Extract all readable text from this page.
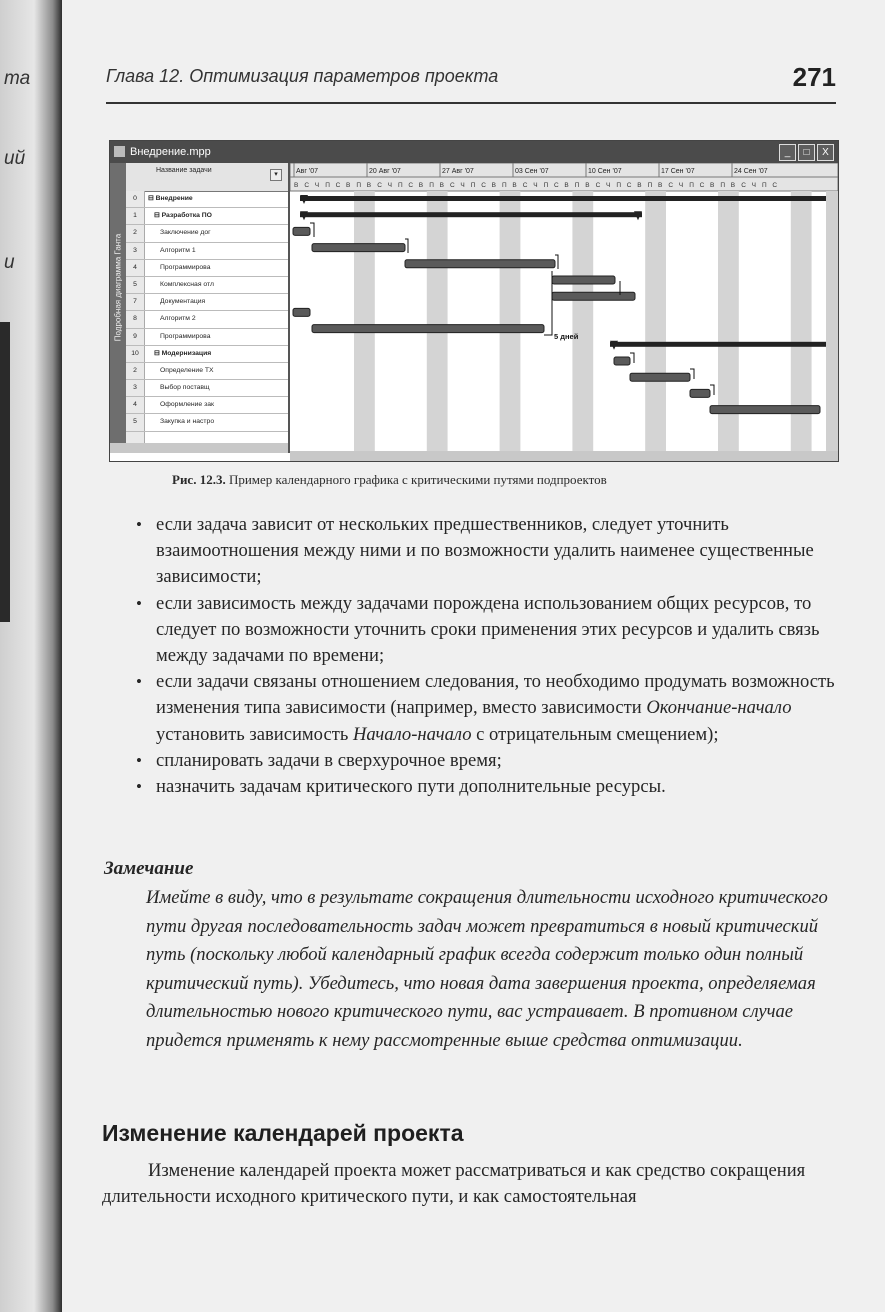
та
ий
и
Глава 12. Оптимизация параметров проекта	271
Внедрение.mpp	_	□	X
Подробная диаграмма Ганта
Название задачи
▾
0	⊟ Внедрение
1	⊟ Разработка ПО
2	Заключение дог
3	Алгоритм 1
4	Программирова
5	Комплексная отл
7	Документация
8	Алгоритм 2
9	Программирова
10	⊟ Модернизация
2	Определение ТХ
3	Выбор поставщ
4	Оформление зак
5	Закупка и настро
Авг '07	20 Авг '07	27 Авг '07	03 Сен '07	10 Сен '07	17 Сен '07	24 Сен '07
В С Ч П С В П В С Ч П С В П В С Ч П С В П В С Ч П С В П В С Ч П С В П В С Ч П С В П В С Ч П С
5 дней
Рис. 12.3. Пример календарного графика с критическими путями подпроектов
• если задача зависит от нескольких предшественников, следует уточнить взаимоотношения между ними и по возможности удалить наименее существенные зависимости;
• если зависимость между задачами порождена использованием общих ресурсов, то следует по возможности уточнить сроки применения этих ресурсов и удалить связь между задачами по времени;
• если задачи связаны отношением следования, то необходимо продумать возможность изменения типа зависимости (например, вместо зависимости Окончание-начало установить зависимость Начало-начало с отрицательным смещением);
• спланировать задачи в сверхурочное время;
• назначить задачам критического пути дополнительные ресурсы.
Замечание
Имейте в виду, что в результате сокращения длительности исходного критического пути другая последовательность задач может превратиться в новый критический путь (поскольку любой календарный график всегда содержит только один полный критический путь). Убедитесь, что новая дата завершения проекта, определяемая длительностью нового критического пути, вас устраивает. В противном случае придется применять к нему рассмотренные выше средства оптимизации.
Изменение календарей проекта
Изменение календарей проекта может рассматриваться и как средство сокращения длительности исходного критического пути, и как самостоятельная
